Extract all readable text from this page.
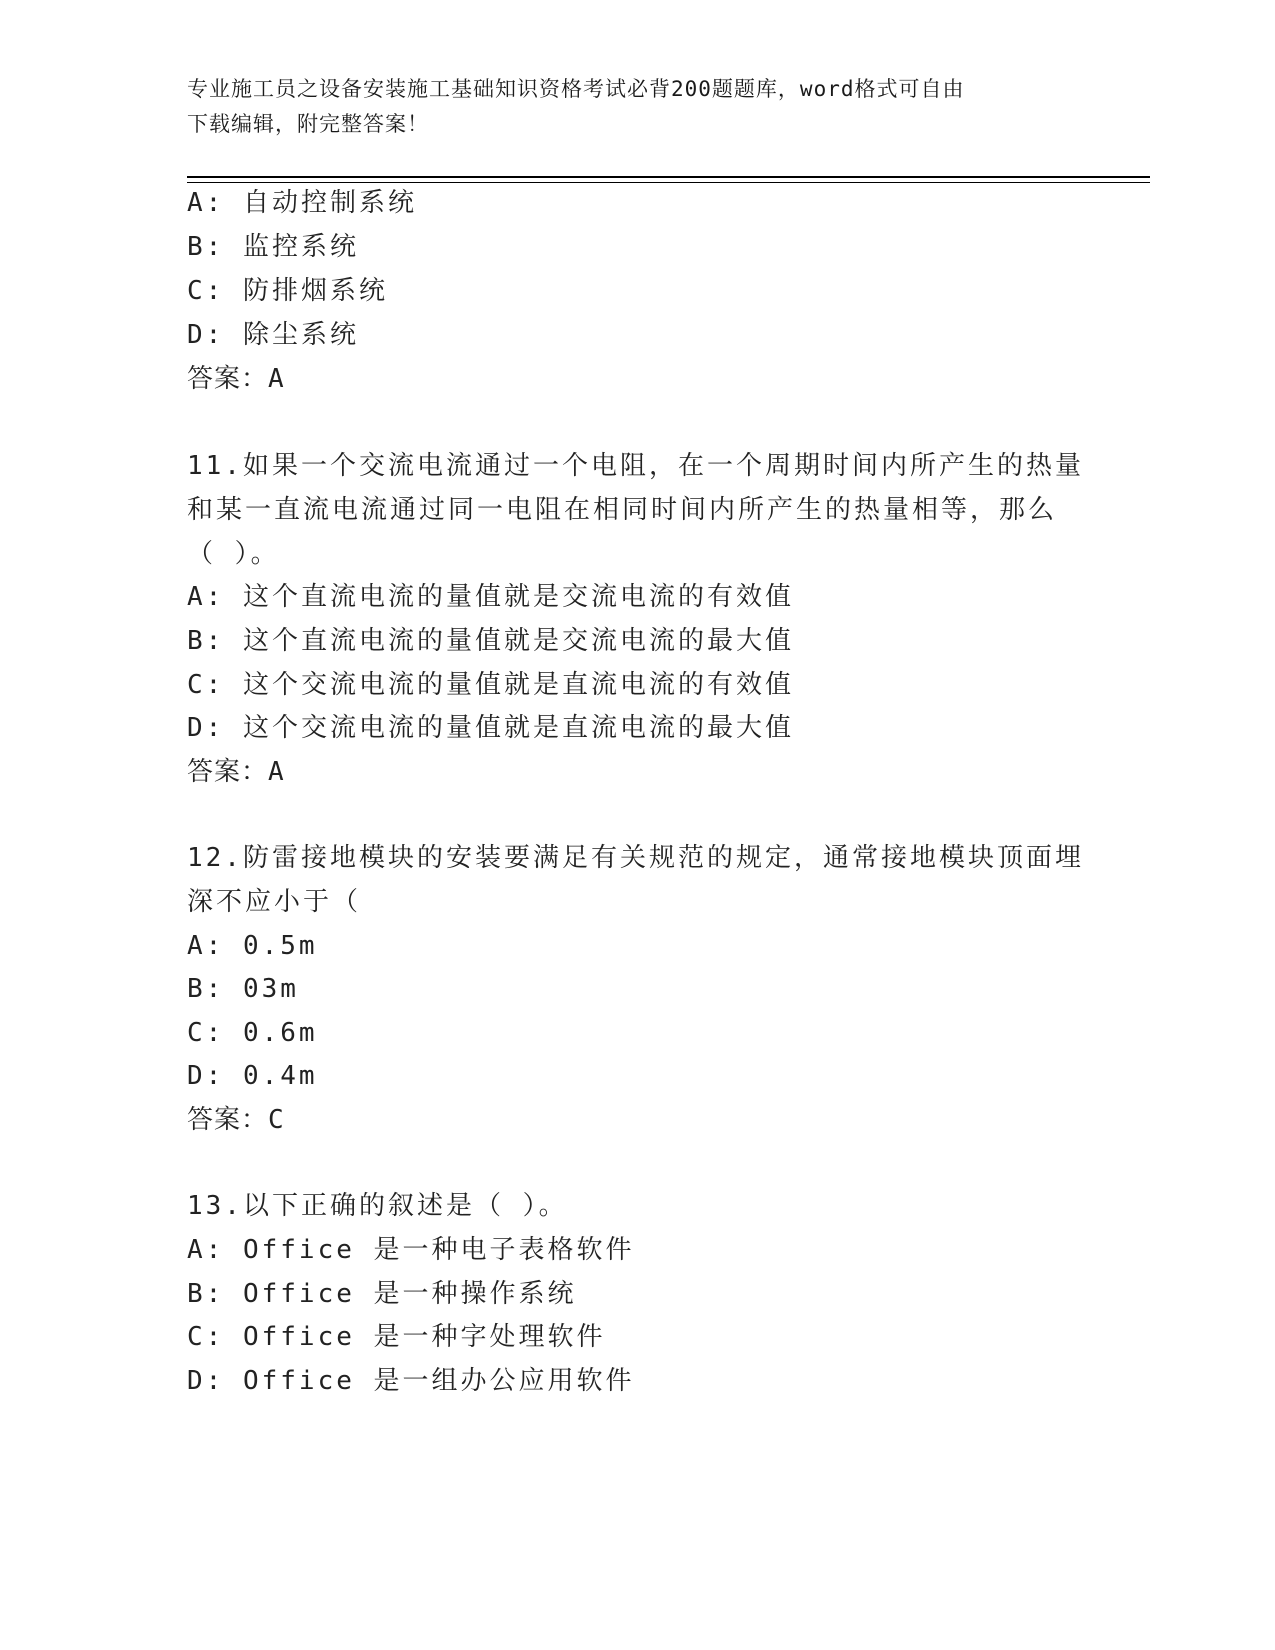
专业施工员之设备安装施工基础知识资格考试必背200题题库，word格式可自由
下载编辑，附完整答案！
A: 自动控制系统
B: 监控系统
C: 防排烟系统
D: 除尘系统
答案：A
11.如果一个交流电流通过一个电阻，在一个周期时间内所产生的热量
和某一直流电流通过同一电阻在相同时间内所产生的热量相等，那么
（ ）。
A: 这个直流电流的量值就是交流电流的有效值
B: 这个直流电流的量值就是交流电流的最大值
C: 这个交流电流的量值就是直流电流的有效值
D: 这个交流电流的量值就是直流电流的最大值
答案：A
12.防雷接地模块的安装要满足有关规范的规定，通常接地模块顶面埋
深不应小于（
A: 0.5m
B: 03m
C: 0.6m
D: 0.4m
答案：C
13.以下正确的叙述是（ ）。
A: Office 是一种电子表格软件
B: Office 是一种操作系统
C: Office 是一种字处理软件
D: Office 是一组办公应用软件
